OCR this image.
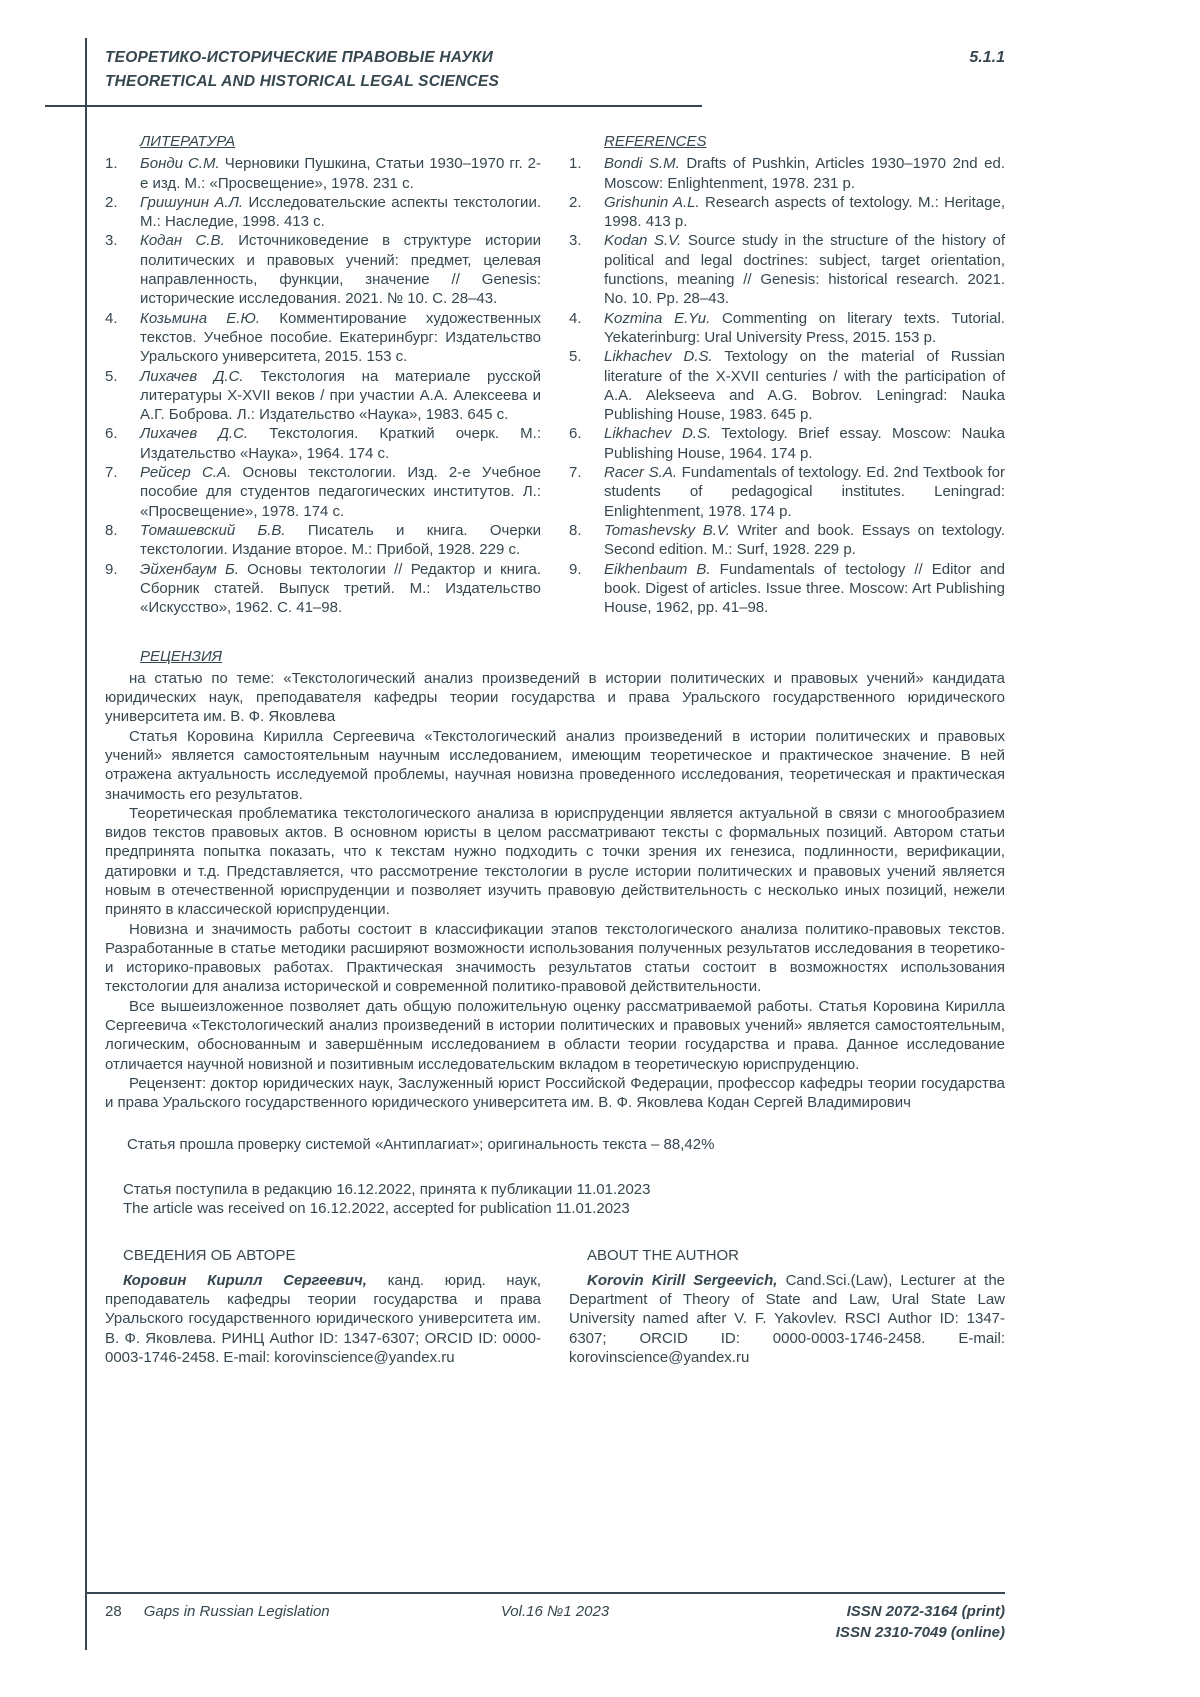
ТЕОРЕТИКО-ИСТОРИЧЕСКИЕ ПРАВОВЫЕ НАУКИ
THEORETICAL AND HISTORICAL LEGAL SCIENCES
5.1.1
ЛИТЕРАТУРА
1.	Бонди С.М. Черновики Пушкина, Статьи 1930–1970 гг. 2-е изд. М.: «Просвещение», 1978. 231 с.
2.	Гришунин А.Л. Исследовательские аспекты текстологии. М.: Наследие, 1998. 413 с.
3.	Кодан С.В. Источниковедение в структуре истории политических и правовых учений: предмет, целевая направленность, функции, значение // Genesis: исторические исследования. 2021. № 10. С. 28–43.
4.	Козьмина Е.Ю. Комментирование художественных текстов. Учебное пособие. Екатеринбург: Издательство Уральского университета, 2015. 153 с.
5.	Лихачев Д.С. Текстология на материале русской литературы X-XVII веков / при участии А.А. Алексеева и А.Г. Боброва. Л.: Издательство «Наука», 1983. 645 с.
6.	Лихачев Д.С. Текстология. Краткий очерк. М.: Издательство «Наука», 1964. 174 с.
7.	Рейсер С.А. Основы текстологии. Изд. 2-е Учебное пособие для студентов педагогических институтов. Л.: «Просвещение», 1978. 174 с.
8.	Томашевский Б.В. Писатель и книга. Очерки текстологии. Издание второе. М.: Прибой, 1928. 229 с.
9.	Эйхенбаум Б. Основы тектологии // Редактор и книга. Сборник статей. Выпуск третий. М.: Издательство «Искусство», 1962. С. 41–98.
REFERENCES
1.	Bondi S.M. Drafts of Pushkin, Articles 1930–1970 2nd ed. Moscow: Enlightenment, 1978. 231 p.
2.	Grishunin A.L. Research aspects of textology. M.: Heritage, 1998. 413 p.
3.	Kodan S.V. Source study in the structure of the history of political and legal doctrines: subject, target orientation, functions, meaning // Genesis: historical research. 2021. No. 10. Pp. 28–43.
4.	Kozmina E.Yu. Commenting on literary texts. Tutorial. Yekaterinburg: Ural University Press, 2015. 153 p.
5.	Likhachev D.S. Textology on the material of Russian literature of the X-XVII centuries / with the participation of A.A. Alekseeva and A.G. Bobrov. Leningrad: Nauka Publishing House, 1983. 645 p.
6.	Likhachev D.S. Textology. Brief essay. Moscow: Nauka Publishing House, 1964. 174 p.
7.	Racer S.A. Fundamentals of textology. Ed. 2nd Textbook for students of pedagogical institutes. Leningrad: Enlightenment, 1978. 174 p.
8.	Tomashevsky B.V. Writer and book. Essays on textology. Second edition. M.: Surf, 1928. 229 p.
9.	Eikhenbaum B. Fundamentals of tectology // Editor and book. Digest of articles. Issue three. Moscow: Art Publishing House, 1962, pp. 41–98.
РЕЦЕНЗИЯ

на статью по теме: «Текстологический анализ произведений в истории политических и правовых учений» кандидата юридических наук, преподавателя кафедры теории государства и права Уральского государственного юридического университета им. В. Ф. Яковлева

Статья Коровина Кирилла Сергеевича «Текстологический анализ произведений в истории политических и правовых учений» является самостоятельным научным исследованием, имеющим теоретическое и практическое значение. В ней отражена актуальность исследуемой проблемы, научная новизна проведенного исследования, теоретическая и практическая значимость его результатов.

Теоретическая проблематика текстологического анализа в юриспруденции является актуальной в связи с многообразием видов текстов правовых актов. В основном юристы в целом рассматривают тексты с формальных позиций. Автором статьи предпринята попытка показать, что к текстам нужно подходить с точки зрения их генезиса, подлинности, верификации, датировки и т.д. Представляется, что рассмотрение текстологии в русле истории политических и правовых учений является новым в отечественной юриспруденции и позволяет изучить правовую действительность с несколько иных позиций, нежели принято в классической юриспруденции.

Новизна и значимость работы состоит в классификации этапов текстологического анализа политико-правовых текстов. Разработанные в статье методики расширяют возможности использования полученных результатов исследования в теоретико- и историко-правовых работах. Практическая значимость результатов статьи состоит в возможностях использования текстологии для анализа исторической и современной политико-правовой действительности.

Все вышеизложенное позволяет дать общую положительную оценку рассматриваемой работы. Статья Коровина Кирилла Сергеевича «Текстологический анализ произведений в истории политических и правовых учений» является самостоятельным, логическим, обоснованным и завершённым исследованием в области теории государства и права. Данное исследование отличается научной новизной и позитивным исследовательским вкладом в теоретическую юриспруденцию.

Рецензент: доктор юридических наук, Заслуженный юрист Российской Федерации, профессор кафедры теории государства и права Уральского государственного юридического университета им. В. Ф. Яковлева Кодан Сергей Владимирович

Статья прошла проверку системой «Антиплагиат»; оригинальность текста – 88,42%
Статья поступила в редакцию 16.12.2022, принята к публикации 11.01.2023
The article was received on 16.12.2022, accepted for publication 11.01.2023
СВЕДЕНИЯ ОБ АВТОРЕ

Коровин Кирилл Сергеевич, канд. юрид. наук, преподаватель кафедры теории государства и права Уральского государственного юридического университета им. В. Ф. Яковлева. РИНЦ Author ID: 1347-6307; ORCID ID: 0000-0003-1746-2458. E-mail: korovinscience@yandex.ru

ABOUT THE AUTHOR

Korovin Kirill Sergeevich, Cand.Sci.(Law), Lecturer at the Department of Theory of State and Law, Ural State Law University named after V. F. Yakovlev. RSCI Author ID: 1347-6307; ORCID ID: 0000-0003-1746-2458. E-mail: korovinscience@yandex.ru

28 Gaps in Russian Legislation	Vol.16 №1 2023	ISSN 2072-3164 (print)
ISSN 2310-7049 (online)
